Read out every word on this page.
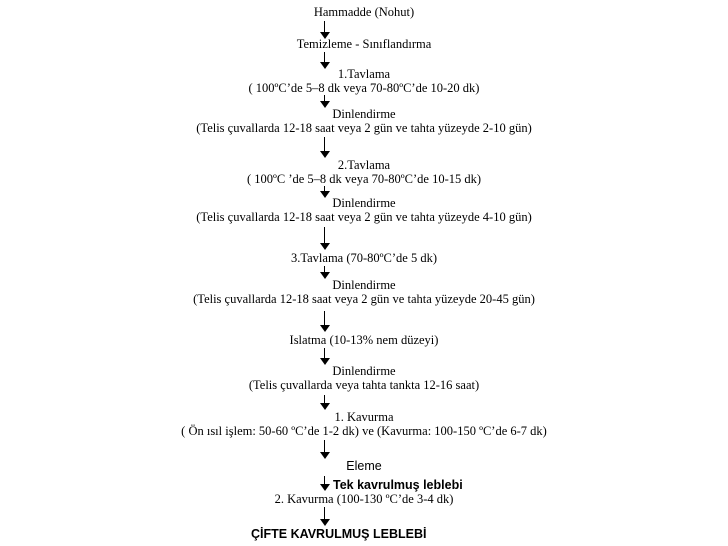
Hammadde (Nohut)
Temizleme - Sınıflandırma
1.Tavlama
( 100ºC’de 5–8 dk veya 70-80ºC’de 10-20 dk)
Dinlendirme
(Telis çuvallarda 12-18 saat veya 2 gün ve tahta yüzeyde 2-10 gün)
2.Tavlama
( 100ºC ’de 5–8 dk veya 70-80ºC’de 10-15 dk)
Dinlendirme
(Telis çuvallarda 12-18 saat veya 2 gün ve tahta yüzeyde 4-10 gün)
3.Tavlama (70-80ºC’de 5 dk)
Dinlendirme
(Telis çuvallarda 12-18 saat veya 2 gün ve tahta yüzeyde 20-45 gün)
Islatma (10-13% nem düzeyi)
Dinlendirme
(Telis çuvallarda veya tahta tankta 12-16 saat)
1. Kavurma
( Ön ısıl işlem: 50-60 ºC’de 1-2 dk) ve (Kavurma: 100-150 ºC’de 6-7 dk)
Eleme
Tek kavrulmuş leblebi
2. Kavurma (100-130 ºC’de 3-4 dk)
ÇİFTE KAVRULMUŞ LEBLEBİ
